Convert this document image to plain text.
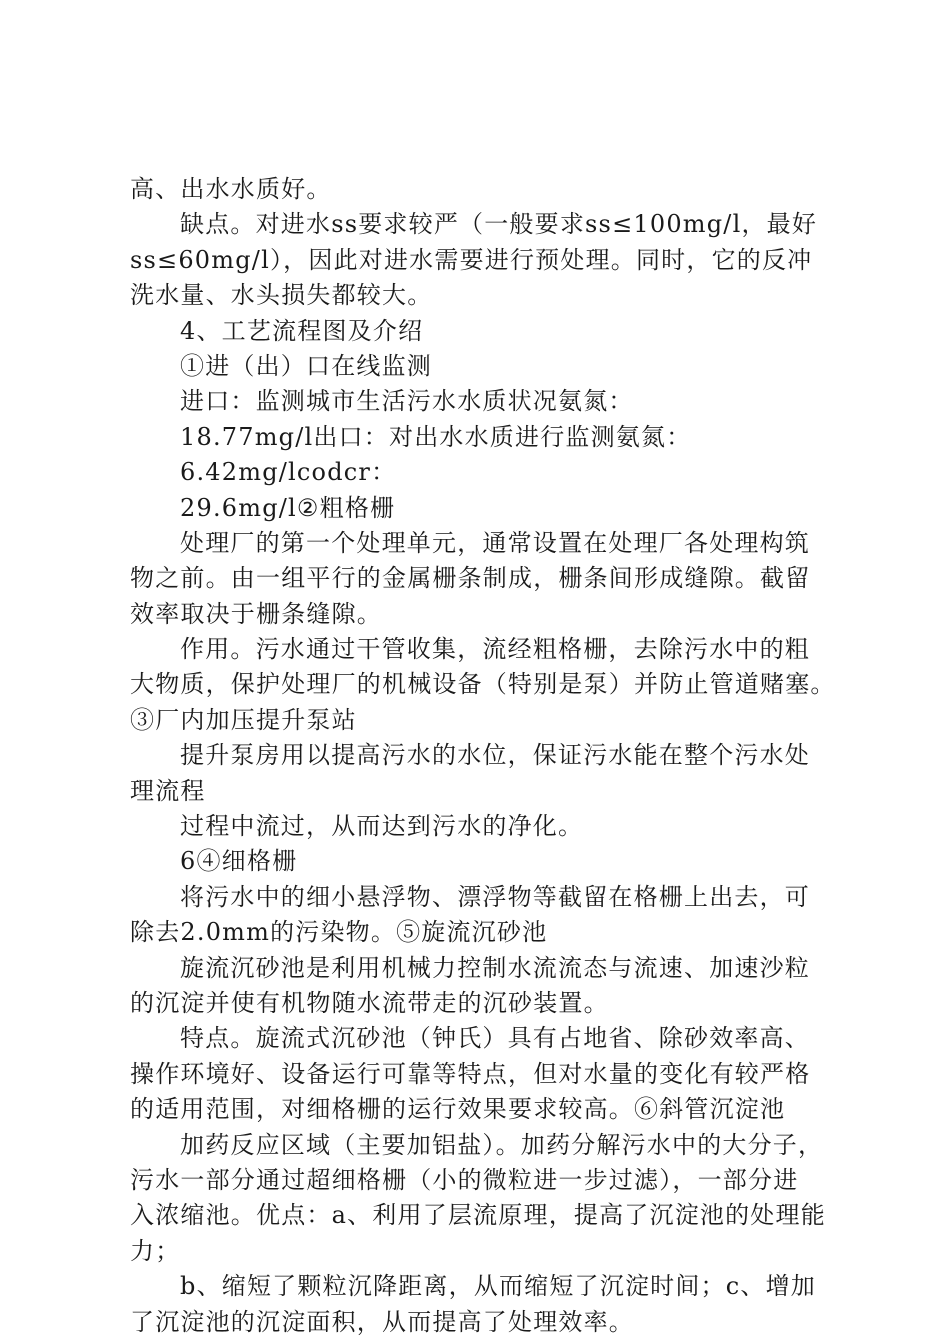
高、出水水质好。
缺点。对进水ss要求较严（一般要求ss≤100mg/l，最好
ss≤60mg/l），因此对进水需要进行预处理。同时，它的反冲
洗水量、水头损失都较大。
4、工艺流程图及介绍
①进（出）口在线监测
进口：监测城市生活污水水质状况氨氮：
18.77mg/l出口：对出水水质进行监测氨氮：
6.42mg/lcodcr：
29.6mg/l②粗格栅
处理厂的第一个处理单元，通常设置在处理厂各处理构筑
物之前。由一组平行的金属栅条制成，栅条间形成缝隙。截留
效率取决于栅条缝隙。
作用。污水通过干管收集，流经粗格栅，去除污水中的粗
大物质，保护处理厂的机械设备（特别是泵）并防止管道赌塞。
③厂内加压提升泵站
提升泵房用以提高污水的水位，保证污水能在整个污水处
理流程
过程中流过，从而达到污水的净化。
6④细格栅
将污水中的细小悬浮物、漂浮物等截留在格栅上出去，可
除去2.0mm的污染物。⑤旋流沉砂池
旋流沉砂池是利用机械力控制水流流态与流速、加速沙粒
的沉淀并使有机物随水流带走的沉砂装置。
特点。旋流式沉砂池（钟氏）具有占地省、除砂效率高、
操作环境好、设备运行可靠等特点，但对水量的变化有较严格
的适用范围，对细格栅的运行效果要求较高。⑥斜管沉淀池
加药反应区域（主要加铝盐）。加药分解污水中的大分子，
污水一部分通过超细格栅（小的微粒进一步过滤），一部分进
入浓缩池。优点：a、利用了层流原理，提高了沉淀池的处理能
力；
b、缩短了颗粒沉降距离，从而缩短了沉淀时间；c、增加
了沉淀池的沉淀面积，从而提高了处理效率。
